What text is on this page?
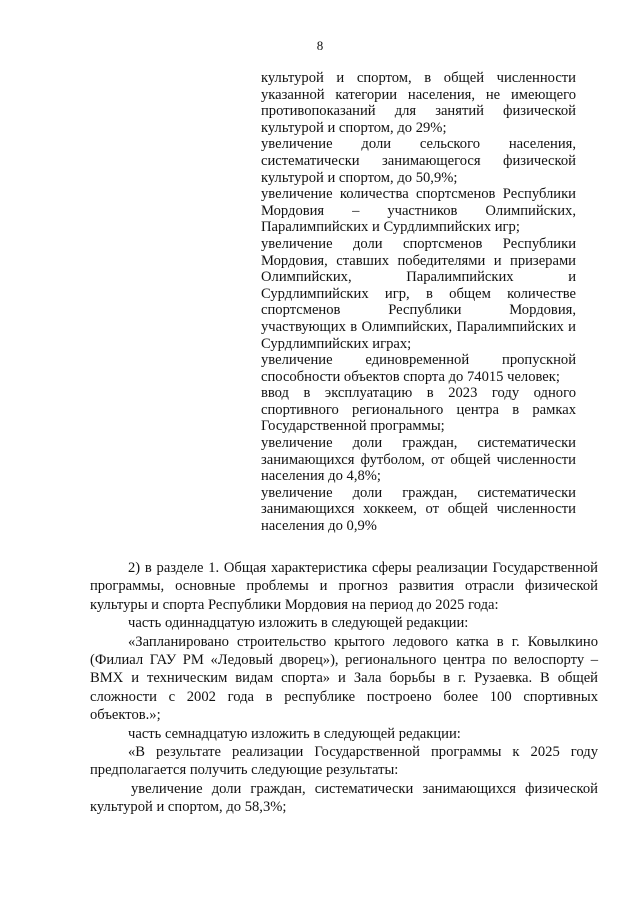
8

культурой и спортом, в общей численности указанной категории населения, не имеющего противопоказаний для занятий физической культурой и спортом, до 29%;

увеличение доли сельского населения, систематически занимающегося физической культурой и спортом, до 50,9%;

увеличение количества спортсменов Республики Мордовия – участников Олимпийских, Паралимпийских и Сурдлимпийских игр;

увеличение доли спортсменов Республики Мордовия, ставших победителями и призерами Олимпийских, Паралимпийских и Сурдлимпийских игр, в общем количестве спортсменов Республики Мордовия, участвующих в Олимпийских, Паралимпийских и Сурдлимпийских играх;

увеличение единовременной пропускной способности объектов спорта до 74015 человек;

ввод в эксплуатацию в 2023 году одного спортивного регионального центра в рамках Государственной программы;

увеличение доли граждан, систематически занимающихся футболом, от общей численности населения до 4,8%;

увеличение доли граждан, систематически занимающихся хоккеем, от общей численности населения до 0,9%

2) в разделе 1. Общая характеристика сферы реализации Государственной программы, основные проблемы и прогноз развития отрасли физической культуры и спорта Республики Мордовия на период до 2025 года:

часть одиннадцатую изложить в следующей редакции:

«Запланировано строительство крытого ледового катка в г. Ковылкино (Филиал ГАУ РМ «Ледовый дворец»), регионального центра по велоспорту – ВМХ и техническим видам спорта» и Зала борьбы в г. Рузаевка. В общей сложности с 2002 года в республике построено более 100 спортивных объектов.»;

часть семнадцатую изложить в следующей редакции:

«В результате реализации Государственной программы к 2025 году предполагается получить следующие результаты:

увеличение доли граждан, систематически занимающихся физической культурой и спортом, до 58,3%;
